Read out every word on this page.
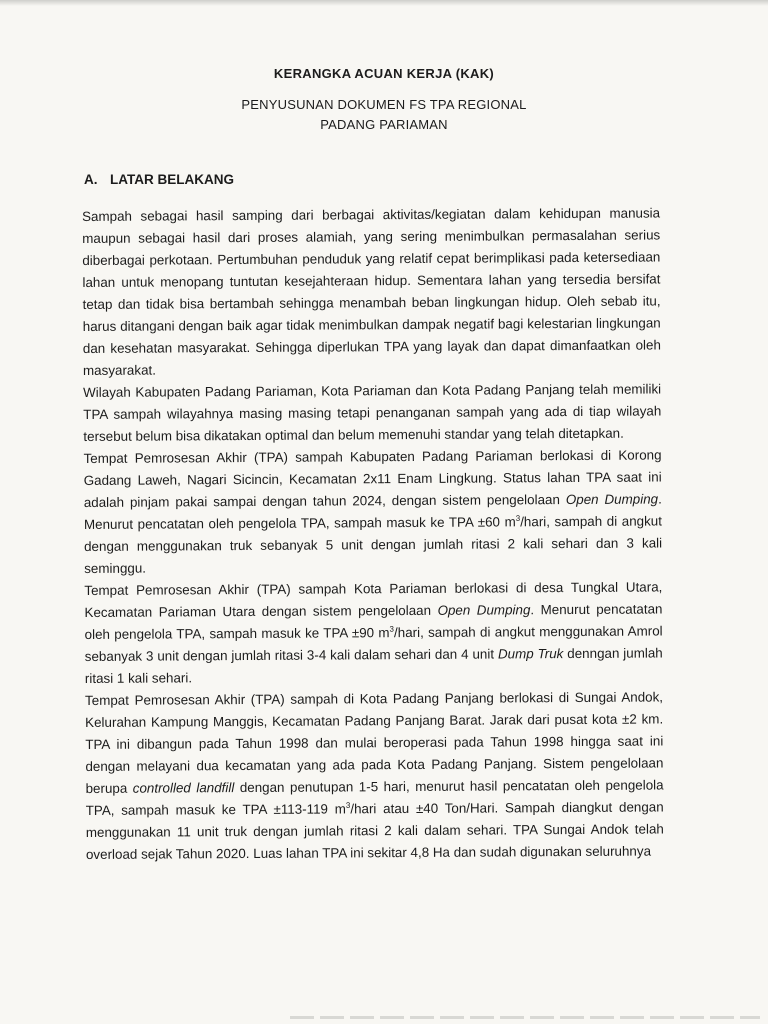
KERANGKA ACUAN KERJA (KAK)
PENYUSUNAN DOKUMEN FS TPA REGIONAL
PADANG PARIAMAN
A. LATAR BELAKANG

Sampah sebagai hasil samping dari berbagai aktivitas/kegiatan dalam kehidupan manusia maupun sebagai hasil dari proses alamiah, yang sering menimbulkan permasalahan serius diberbagai perkotaan. Pertumbuhan penduduk yang relatif cepat berimplikasi pada ketersediaan lahan untuk menopang tuntutan kesejahteraan hidup. Sementara lahan yang tersedia bersifat tetap dan tidak bisa bertambah sehingga menambah beban lingkungan hidup. Oleh sebab itu, harus ditangani dengan baik agar tidak menimbulkan dampak negatif bagi kelestarian lingkungan dan kesehatan masyarakat. Sehingga diperlukan TPA yang layak dan dapat dimanfaatkan oleh masyarakat.

Wilayah Kabupaten Padang Pariaman, Kota Pariaman dan Kota Padang Panjang telah memiliki TPA sampah wilayahnya masing masing tetapi penanganan sampah yang ada di tiap wilayah tersebut belum bisa dikatakan optimal dan belum memenuhi standar yang telah ditetapkan.

Tempat Pemrosesan Akhir (TPA) sampah Kabupaten Padang Pariaman berlokasi di Korong Gadang Laweh, Nagari Sicincin, Kecamatan 2x11 Enam Lingkung. Status lahan TPA saat ini adalah pinjam pakai sampai dengan tahun 2024, dengan sistem pengelolaan Open Dumping. Menurut pencatatan oleh pengelola TPA, sampah masuk ke TPA ±60 $m^3$/hari, sampah di angkut dengan menggunakan truk sebanyak 5 unit dengan jumlah ritasi 2 kali sehari dan 3 kali seminggu.

Tempat Pemrosesan Akhir (TPA) sampah Kota Pariaman berlokasi di desa Tungkal Utara, Kecamatan Pariaman Utara dengan sistem pengelolaan Open Dumping. Menurut pencatatan oleh pengelola TPA, sampah masuk ke TPA ±90 $m^3$/hari, sampah di angkut menggunakan Amrol sebanyak 3 unit dengan jumlah ritasi 3-4 kali dalam sehari dan 4 unit Dump Truk denngan jumlah ritasi 1 kali sehari.

Tempat Pemrosesan Akhir (TPA) sampah di Kota Padang Panjang berlokasi di Sungai Andok, Kelurahan Kampung Manggis, Kecamatan Padang Panjang Barat. Jarak dari pusat kota ±2 km. TPA ini dibangun pada Tahun 1998 dan mulai beroperasi pada Tahun 1998 hingga saat ini dengan melayani dua kecamatan yang ada pada Kota Padang Panjang. Sistem pengelolaan berupa controlled landfill dengan penutupan 1-5 hari, menurut hasil pencatatan oleh pengelola TPA, sampah masuk ke TPA ±113-119 $m^3$/hari atau ±40 Ton/Hari. Sampah diangkut dengan menggunakan 11 unit truk dengan jumlah ritasi 2 kali dalam sehari. TPA Sungai Andok telah overload sejak Tahun 2020. Luas lahan TPA ini sekitar 4,8 Ha dan sudah digunakan seluruhnya
